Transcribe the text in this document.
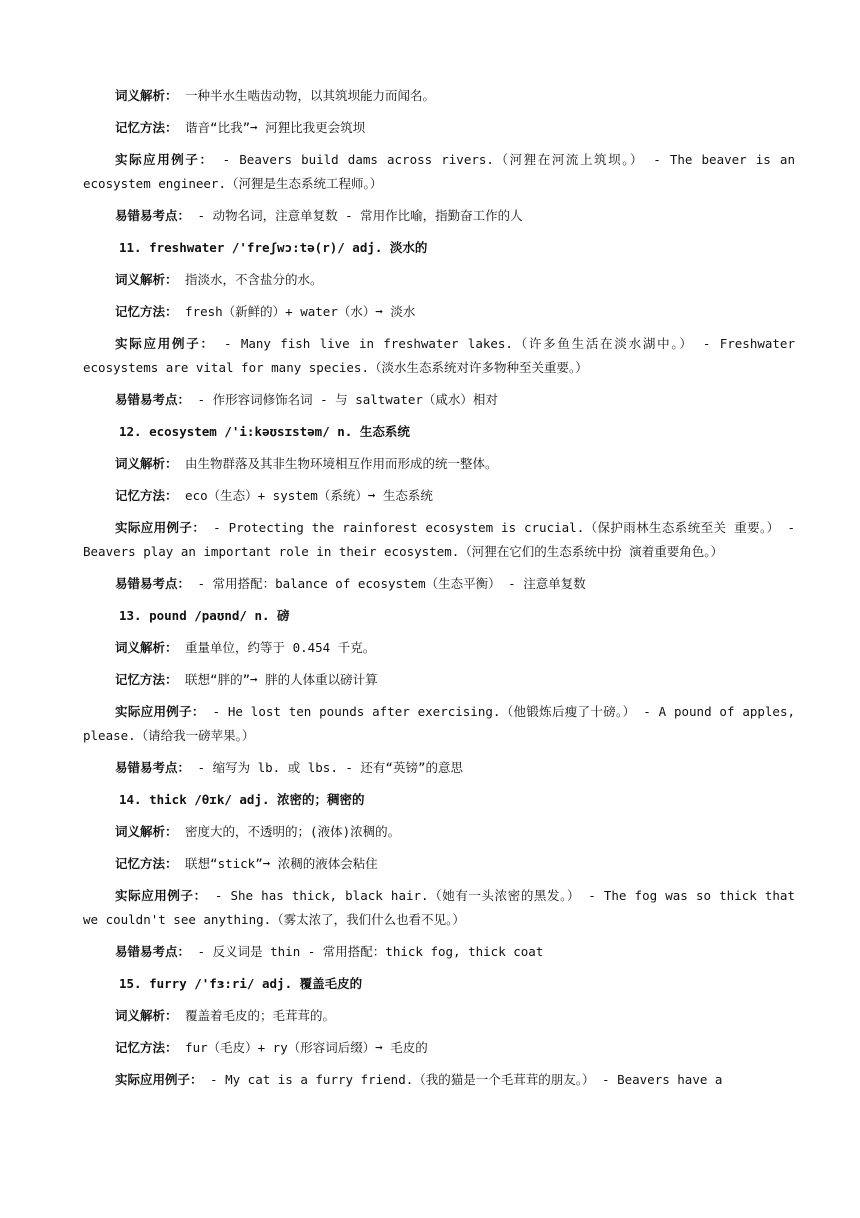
词义解析： 一种半水生啮齿动物，以其筑坝能力而闻名。

记忆方法： 谐音“比我”➞ 河狸比我更会筑坝

实际应用例子： - Beavers build dams across rivers.（河狸在河流上筑坝。） - The beaver is an ecosystem engineer.（河狸是生态系统工程师。）

易错易考点： - 动物名词，注意单复数 - 常用作比喻，指勤奋工作的人

11. freshwater /'freʃwɔ:tə(r)/ adj. 淡水的

词义解析： 指淡水，不含盐分的水。

记忆方法： fresh（新鲜的）+ water（水）➞ 淡水

实际应用例子： - Many fish live in freshwater lakes.（许多鱼生活在淡水湖中。） - Freshwater ecosystems are vital for many species.（淡水生态系统对许多物种至关重要。）

易错易考点： - 作形容词修饰名词 - 与 saltwater（咸水）相对

12. ecosystem /'i:kəʊsɪstəm/ n. 生态系统

词义解析： 由生物群落及其非生物环境相互作用而形成的统一整体。

记忆方法： eco（生态）+ system（系统）➞ 生态系统

实际应用例子： - Protecting the rainforest ecosystem is crucial.（保护雨林生态系统至关 重要。） - Beavers play an important role in their ecosystem.（河狸在它们的生态系统中扮 演着重要角色。）

易错易考点： - 常用搭配：balance of ecosystem（生态平衡） - 注意单复数

13. pound /paʊnd/ n. 磅

词义解析： 重量单位，约等于 0.454 千克。

记忆方法： 联想“胖的”➞ 胖的人体重以磅计算

实际应用例子： - He lost ten pounds after exercising.（他锻炼后瘦了十磅。） - A pound of apples, please.（请给我一磅苹果。）

易错易考点： - 缩写为 lb. 或 lbs. - 还有“英镑”的意思

14. thick /θɪk/ adj. 浓密的；稠密的

词义解析： 密度大的，不透明的；(液体)浓稠的。

记忆方法： 联想“stick”➞ 浓稠的液体会粘住

实际应用例子： - She has thick, black hair.（她有一头浓密的黑发。） - The fog was so thick that we couldn't see anything.（雾太浓了，我们什么也看不见。）

易错易考点： - 反义词是 thin - 常用搭配：thick fog, thick coat

15. furry /'fɜ:ri/ adj. 覆盖毛皮的

词义解析： 覆盖着毛皮的；毛茸茸的。

记忆方法： fur（毛皮）+ ry（形容词后缀）➞ 毛皮的

实际应用例子： - My cat is a furry friend.（我的猫是一个毛茸茸的朋友。） - Beavers have a
